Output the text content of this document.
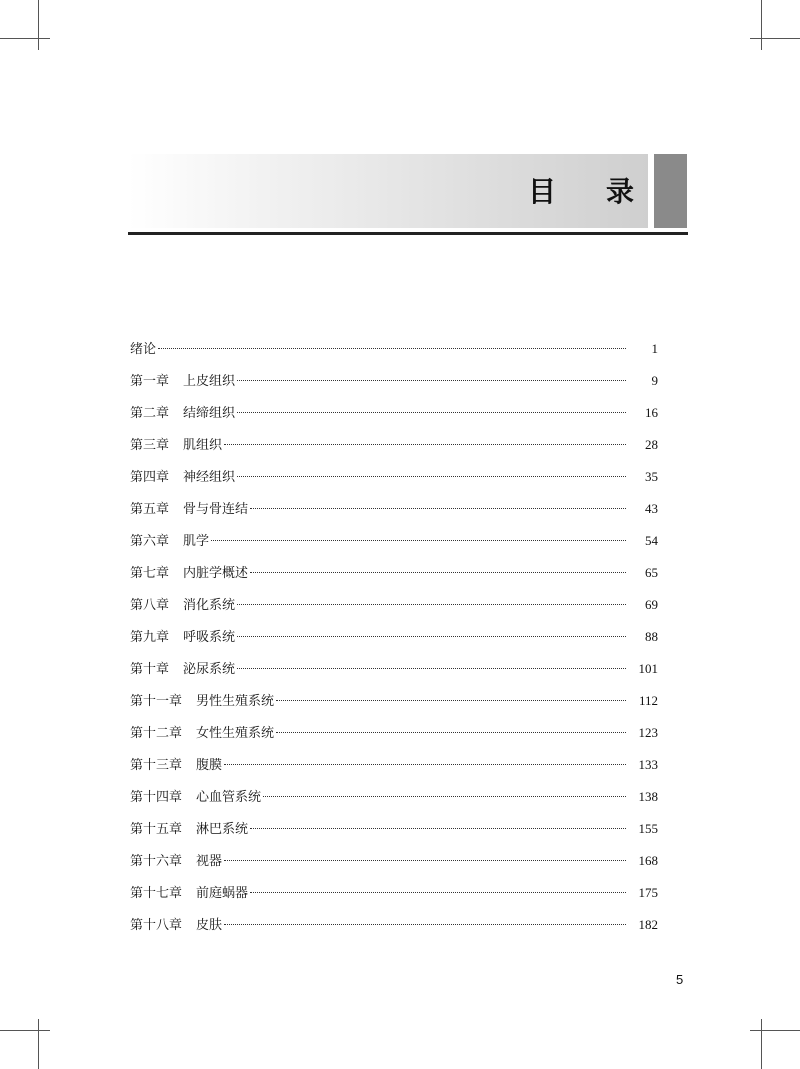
目 录
绪论	1
第一章 上皮组织	9
第二章 结缔组织	16
第三章 肌组织	28
第四章 神经组织	35
第五章 骨与骨连结	43
第六章 肌学	54
第七章 内脏学概述	65
第八章 消化系统	69
第九章 呼吸系统	88
第十章 泌尿系统	101
第十一章 男性生殖系统	112
第十二章 女性生殖系统	123
第十三章 腹膜	133
第十四章 心血管系统	138
第十五章 淋巴系统	155
第十六章 视器	168
第十七章 前庭蜗器	175
第十八章 皮肤	182
5
